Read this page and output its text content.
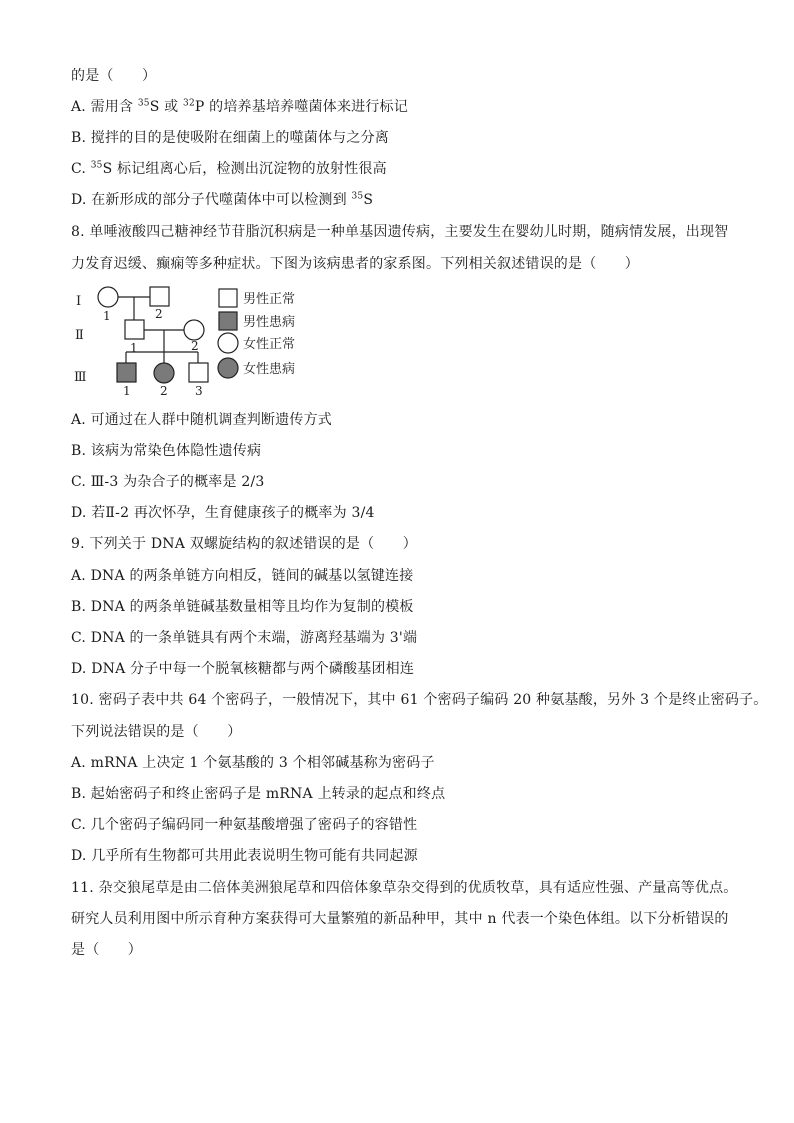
的是（　　）
A. 需用含 $^{35}$S 或 $^{32}$P 的培养基培养噬菌体来进行标记
B. 搅拌的目的是使吸附在细菌上的噬菌体与之分离
C. $^{35}$S 标记组离心后，检测出沉淀物的放射性很高
D. 在新形成的部分子代噬菌体中可以检测到 $^{35}$S
8. 单唾液酸四己糖神经节苷脂沉积病是一种单基因遗传病，主要发生在婴幼儿时期，随病情发展，出现智
力发育迟缓、癫痫等多种症状。下图为该病患者的家系图。下列相关叙述错误的是（　　）
A. 可通过在人群中随机调查判断遗传方式
B. 该病为常染色体隐性遗传病
C. Ⅲ-3 为杂合子的概率是 2/3
D. 若Ⅱ-2 再次怀孕，生育健康孩子的概率为 3/4
9. 下列关于 DNA 双螺旋结构的叙述错误的是（　　）
A. DNA 的两条单链方向相反，链间的碱基以氢键连接
B. DNA 的两条单链碱基数量相等且均作为复制的模板
C. DNA 的一条单链具有两个末端，游离羟基端为 3'端
D. DNA 分子中每一个脱氧核糖都与两个磷酸基团相连
10. 密码子表中共 64 个密码子，一般情况下，其中 61 个密码子编码 20 种氨基酸，另外 3 个是终止密码子。
下列说法错误的是（　　）
A. mRNA 上决定 1 个氨基酸的 3 个相邻碱基称为密码子
B. 起始密码子和终止密码子是 mRNA 上转录的起点和终点
C. 几个密码子编码同一种氨基酸增强了密码子的容错性
D. 几乎所有生物都可共用此表说明生物可能有共同起源
11. 杂交狼尾草是由二倍体美洲狼尾草和四倍体象草杂交得到的优质牧草，具有适应性强、产量高等优点。
研究人员利用图中所示育种方案获得可大量繁殖的新品种甲，其中 n 代表一个染色体组。以下分析错误的
是（　　）
Ⅰ
Ⅱ
Ⅲ
1	2
1	2
1 2 3
男性正常
男性患病
女性正常
女性患病
